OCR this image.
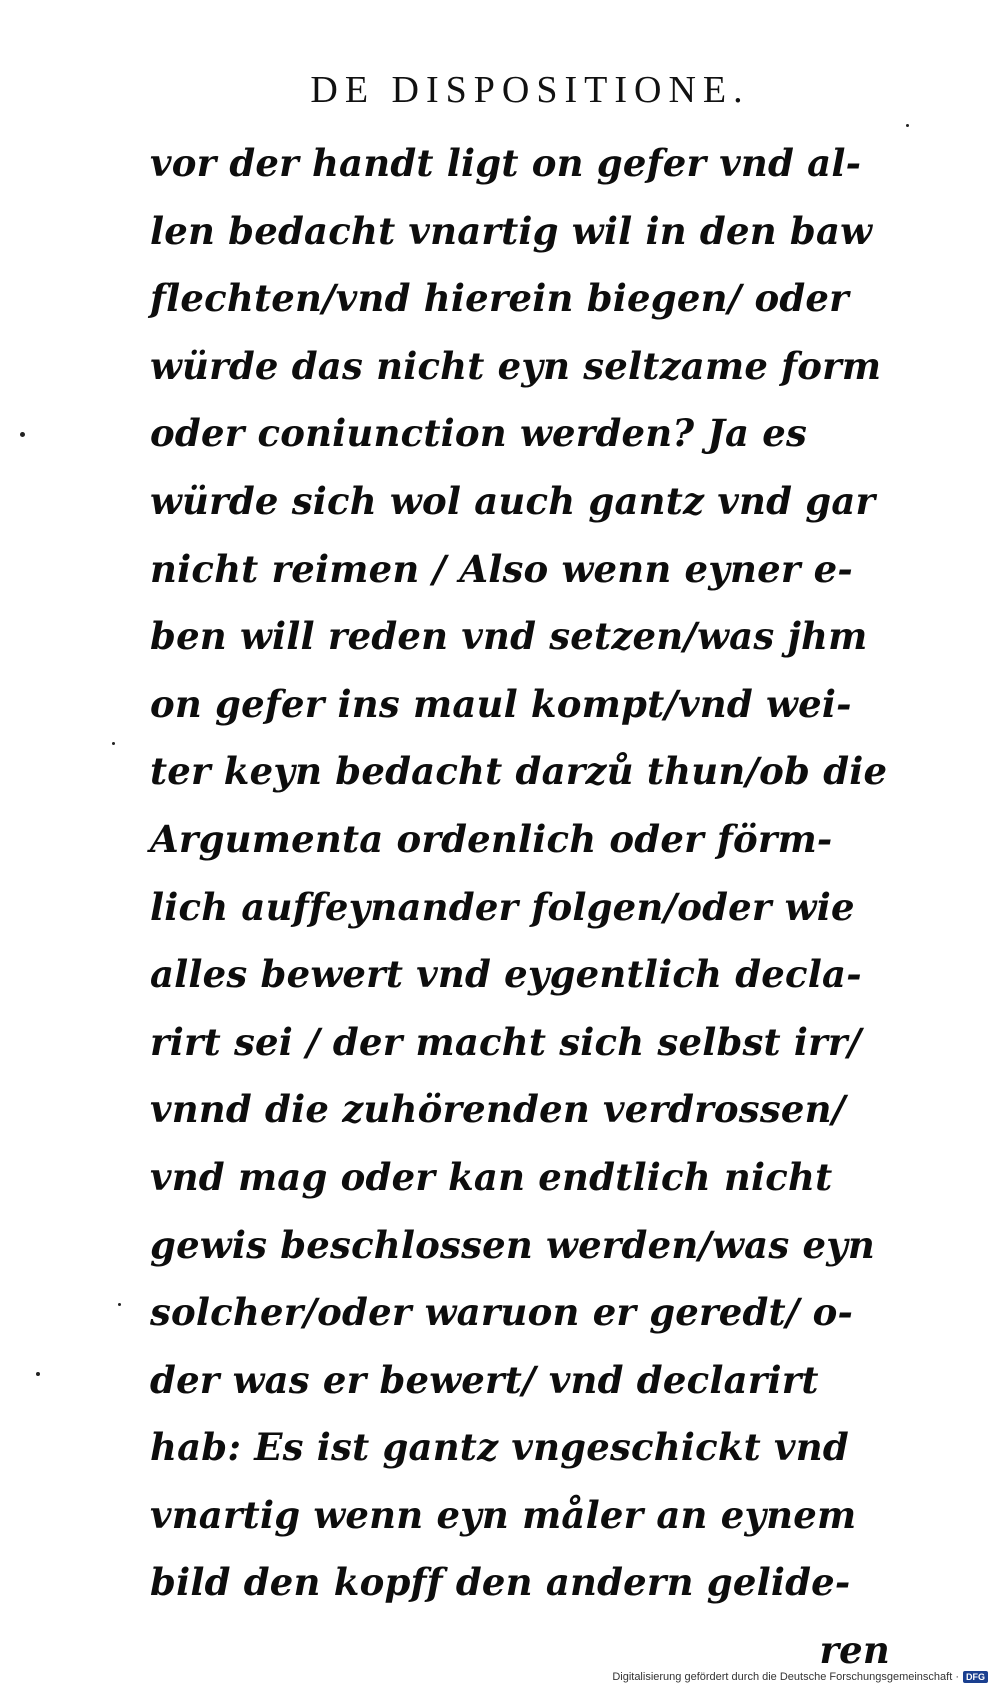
DE DISPOSITIONE.
vor der handt ligt on gefer vnd al-
len bedacht vnartig wil in den baw
flechten/vnd hierein biegen/ oder
würde das nicht eyn seltzame form
oder coniunction werden? Ja es
würde sich wol auch gantz vnd gar
nicht reimen / Also wenn eyner e-
ben will reden vnd setzen/was jhm
on gefer ins maul kompt/vnd wei-
ter keyn bedacht darzů thun/ob die
Argumenta ordenlich oder förm-
lich auffeynander folgen/oder wie
alles bewert vnd eygentlich decla-
rirt sei / der macht sich selbst irr/
vnnd die zuhörenden verdrossen/
vnd mag oder kan endtlich nicht
gewis beschlossen werden/was eyn
solcher/oder waruon er geredt/ o-
der was er bewert/ vnd declarirt
hab: Es ist gantz vngeschickt vnd
vnartig wenn eyn måler an eynem
bild den kopff den andern gelide-
ren
Digitalisierung gefördert durch die Deutsche Forschungsgemeinschaft · DFG
